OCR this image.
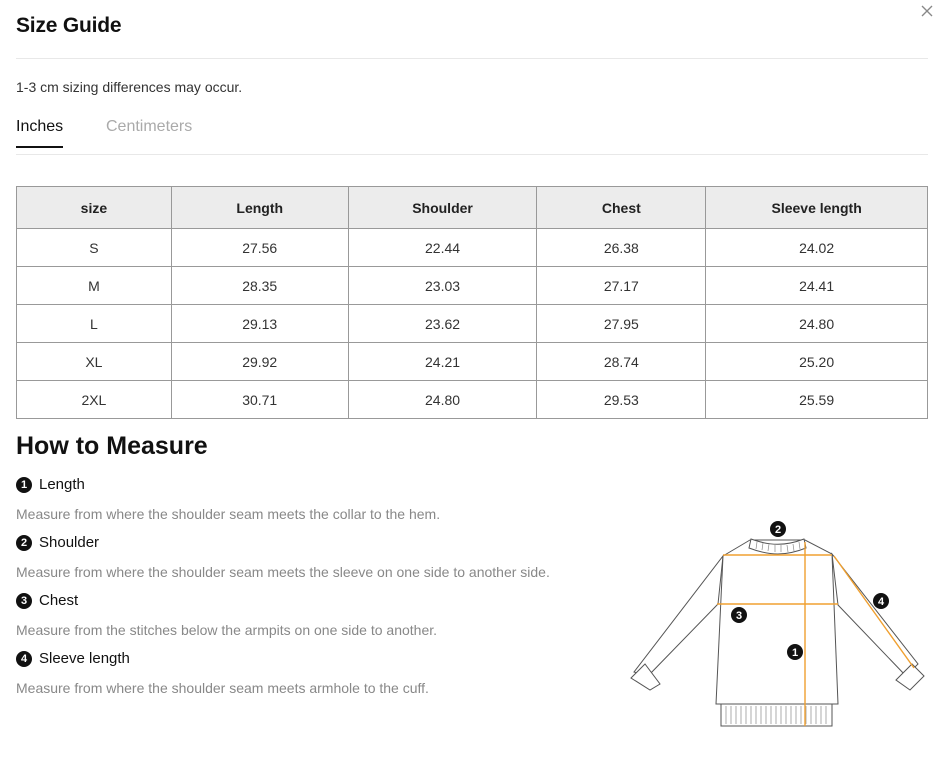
Size Guide
1-3 cm sizing differences may occur.
Inches	Centimeters
size	Length	Shoulder	Chest	Sleeve length
S	27.56	22.44	26.38	24.02
M	28.35	23.03	27.17	24.41
L	29.13	23.62	27.95	24.80
XL	29.92	24.21	28.74	25.20
2XL	30.71	24.80	29.53	25.59
How to Measure
1 Length
Measure from where the shoulder seam meets the collar to the hem.
2 Shoulder
Measure from where the shoulder seam meets the sleeve on one side to another side.
3 Chest
Measure from the stitches below the armpits on one side to another.
4 Sleeve length
Measure from where the shoulder seam meets armhole to the cuff.
2
3
4
1
